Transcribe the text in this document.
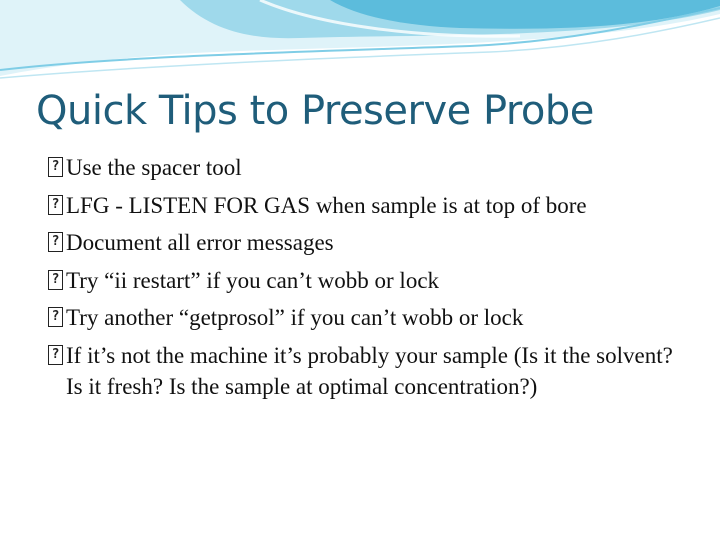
Quick Tips to Preserve Probe
?
Use the spacer tool
?
LFG - LISTEN FOR GAS when sample is at top of bore
?
Document all error messages
?
Try “ii restart” if you can’t wobb or lock
?
Try another “getprosol” if you can’t wobb or lock
?
If it’s not the machine it’s probably your sample (Is it the solvent? Is it fresh? Is the sample at optimal concentration?)
